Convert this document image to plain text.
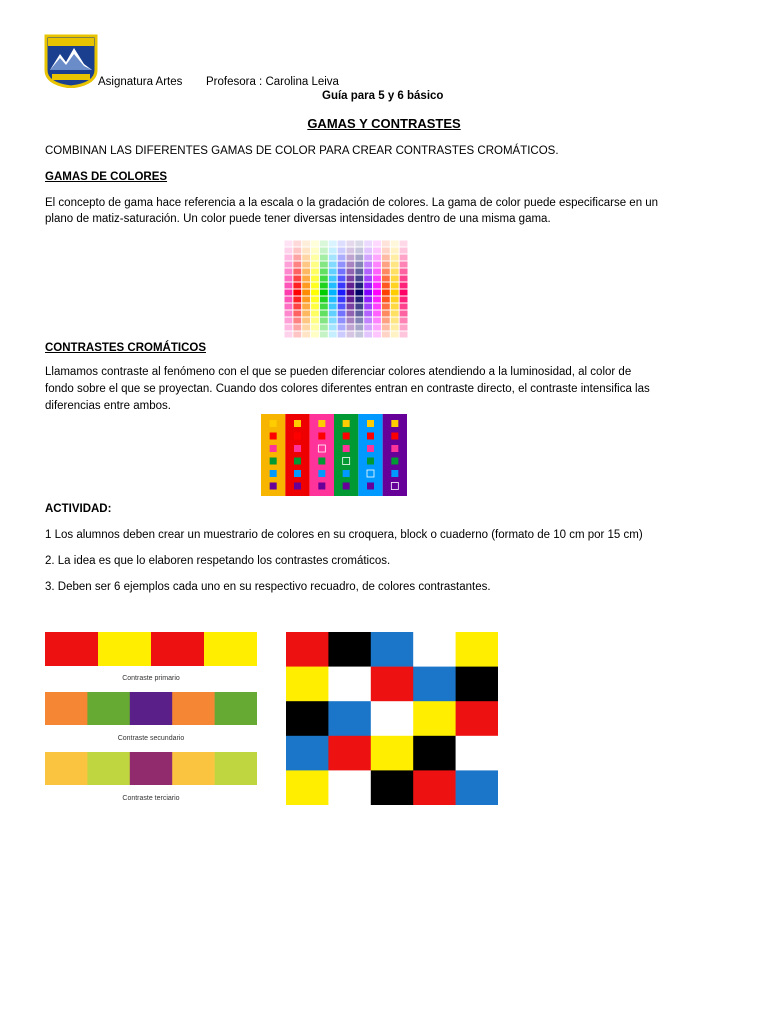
Asignatura Artes Profesora : Carolina Leiva
Guía para 5 y 6 básico
GAMAS Y CONTRASTES
COMBINAN LAS DIFERENTES GAMAS DE COLOR PARA CREAR CONTRASTES CROMÁTICOS.
GAMAS DE COLORES
El concepto de gama hace referencia a la escala o la gradación de colores. La gama de color puede especificarse en un
plano de matiz-saturación. Un color puede tener diversas intensidades dentro de una misma gama.
CONTRASTES CROMÁTICOS
Llamamos contraste al fenómeno con el que se pueden diferenciar colores atendiendo a la luminosidad, al color de
fondo sobre el que se proyectan. Cuando dos colores diferentes entran en contraste directo, el contraste intensifica las
diferencias entre ambos.
ACTIVIDAD:
1 Los alumnos deben crear un muestrario de colores en su croquera, block o cuaderno (formato de 10 cm por 15 cm)
2. La idea es que lo elaboren respetando los contrastes cromáticos.
3. Deben ser 6 ejemplos cada uno en su respectivo recuadro, de colores contrastantes.
Contraste primario
Contraste secundario
Contraste terciario
